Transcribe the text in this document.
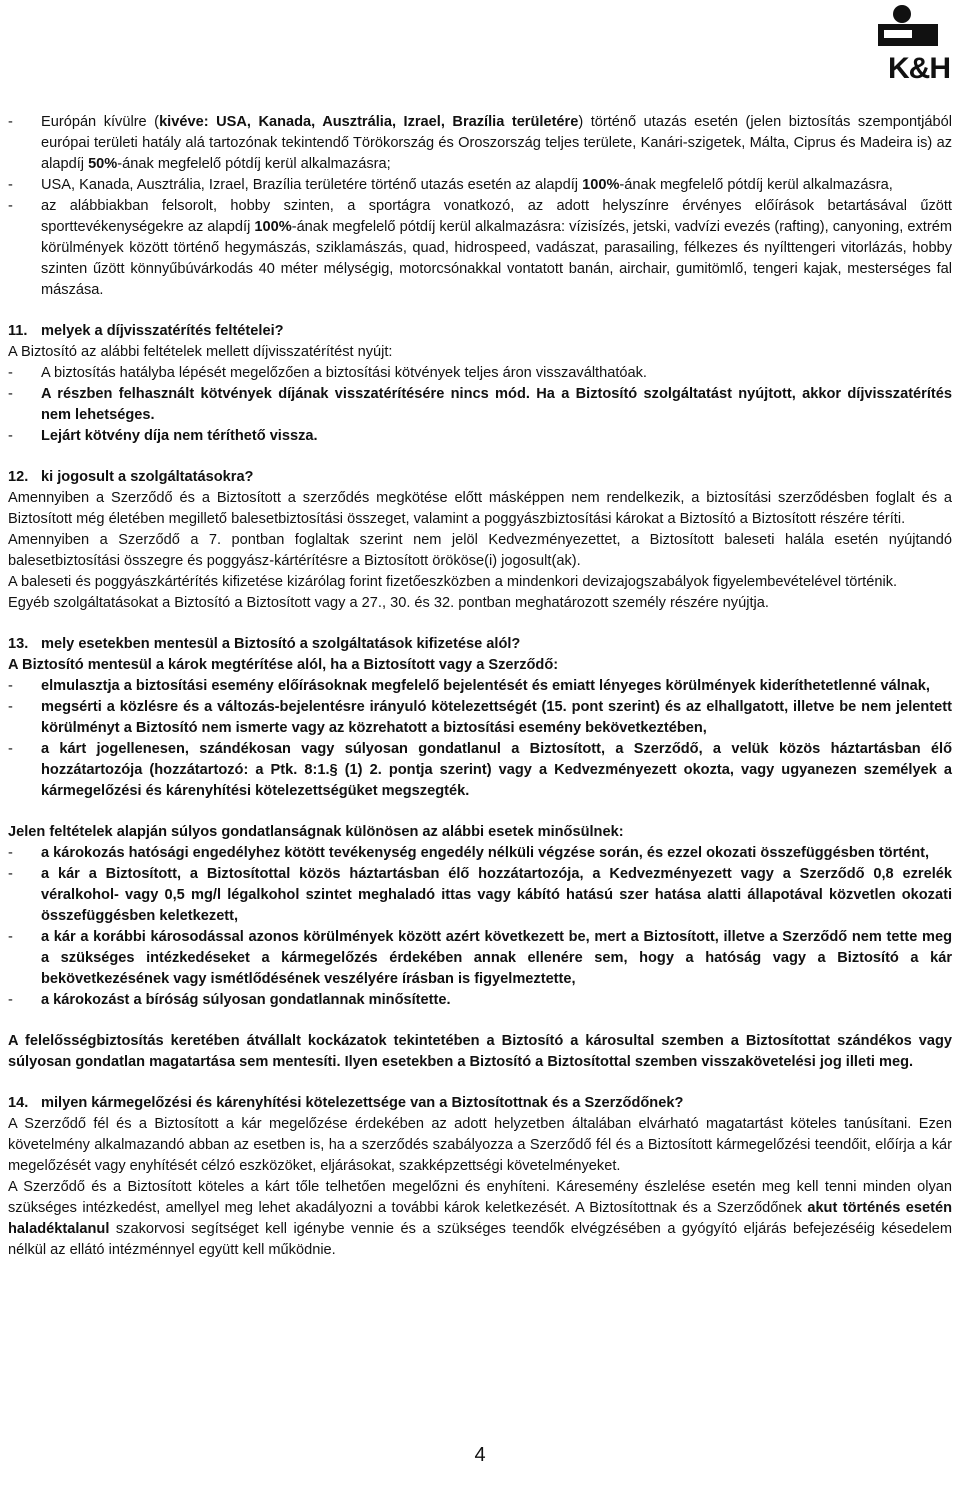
K&H
-	Európán kívülre (kivéve: USA, Kanada, Ausztrália, Izrael, Brazília területére) történő utazás esetén (jelen biztosítás szempontjából európai területi hatály alá tartozónak tekintendő Törökország és Oroszország teljes területe, Kanári-szigetek, Málta, Ciprus és Madeira is) az alapdíj 50%-ának megfelelő pótdíj kerül alkalmazásra;
-	USA, Kanada, Ausztrália, Izrael, Brazília területére történő utazás esetén az alapdíj 100%-ának megfelelő pótdíj kerül alkalmazásra,
-	az alábbiakban felsorolt, hobby szinten, a sportágra vonatkozó, az adott helyszínre érvényes előírások betartásával űzött sporttevékenységekre az alapdíj 100%-ának megfelelő pótdíj kerül alkalmazásra: vízisízés, jetski, vadvízi evezés (rafting), canyoning, extrém körülmények között történő hegymászás, sziklamászás, quad, hidrospeed, vadászat, parasailing, félkezes és nyílttengeri vitorlázás, hobby szinten űzött könnyűbúvárkodás 40 méter mélységig, motorcsónakkal vontatott banán, airchair, gumitömlő, tengeri kajak, mesterséges fal mászása.
11. melyek a díjvisszatérítés feltételei?
A Biztosító az alábbi feltételek mellett díjvisszatérítést nyújt:
-	A biztosítás hatályba lépését megelőzően a biztosítási kötvények teljes áron visszaválthatóak.
-	A részben felhasznált kötvények díjának visszatérítésére nincs mód. Ha a Biztosító szolgáltatást nyújtott, akkor díjvisszatérítés nem lehetséges.
-	Lejárt kötvény díja nem téríthető vissza.
12. ki jogosult a szolgáltatásokra?
Amennyiben a Szerződő és a Biztosított a szerződés megkötése előtt másképpen nem rendelkezik, a biztosítási szerződésben foglalt és a Biztosított még életében megillető balesetbiztosítási összeget, valamint a poggyászbiztosítási károkat a Biztosító a Biztosított részére téríti.
Amennyiben a Szerződő a 7. pontban foglaltak szerint nem jelöl Kedvezményezettet, a Biztosított baleseti halála esetén nyújtandó balesetbiztosítási összegre és poggyász-kártérítésre a Biztosított örököse(i) jogosult(ak).
A baleseti és poggyászkártérítés kifizetése kizárólag forint fizetőeszközben a mindenkori devizajogszabályok figyelembevételével történik.
Egyéb szolgáltatásokat a Biztosító a Biztosított vagy a 27., 30. és 32. pontban meghatározott személy részére nyújtja.
13. mely esetekben mentesül a Biztosító a szolgáltatások kifizetése alól?
A Biztosító mentesül a károk megtérítése alól, ha a Biztosított vagy a Szerződő:
-	elmulasztja a biztosítási esemény előírásoknak megfelelő bejelentését és emiatt lényeges körülmények kideríthetetlenné válnak,
-	megsérti a közlésre és a változás-bejelentésre irányuló kötelezettségét (15. pont szerint) és az elhallgatott, illetve be nem jelentett körülményt a Biztosító nem ismerte vagy az közrehatott a biztosítási esemény bekövetkeztében,
-	a kárt jogellenesen, szándékosan vagy súlyosan gondatlanul a Biztosított, a Szerződő, a velük közös háztartásban élő hozzátartozója (hozzátartozó: a Ptk. 8:1.§ (1) 2. pontja szerint) vagy a Kedvezményezett okozta, vagy ugyanezen személyek a kármegelőzési és kárenyhítési kötelezettségüket megszegték.
Jelen feltételek alapján súlyos gondatlanságnak különösen az alábbi esetek minősülnek:
-	a károkozás hatósági engedélyhez kötött tevékenység engedély nélküli végzése során, és ezzel okozati összefüggésben történt,
-	a kár a Biztosított, a Biztosítottal közös háztartásban élő hozzátartozója, a Kedvezményezett vagy a Szerződő 0,8 ezrelék véralkohol- vagy 0,5 mg/l légalkohol szintet meghaladó ittas vagy kábító hatású szer hatása alatti állapotával közvetlen okozati összefüggésben keletkezett,
-	a kár a korábbi károsodással azonos körülmények között azért következett be, mert a Biztosított, illetve a Szerződő nem tette meg a szükséges intézkedéseket a kármegelőzés érdekében annak ellenére sem, hogy a hatóság vagy a Biztosító a kár bekövetkezésének vagy ismétlődésének veszélyére írásban is figyelmeztette,
-	a károkozást a bíróság súlyosan gondatlannak minősítette.
A felelősségbiztosítás keretében átvállalt kockázatok tekintetében a Biztosító a károsultal szemben a Biztosítottat szándékos vagy súlyosan gondatlan magatartása sem mentesíti. Ilyen esetekben a Biztosító a Biztosítottal szemben visszakövetelési jog illeti meg.
14. milyen kármegelőzési és kárenyhítési kötelezettsége van a Biztosítottnak és a Szerződőnek?
A Szerződő fél és a Biztosított a kár megelőzése érdekében az adott helyzetben általában elvárható magatartást köteles tanúsítani. Ezen követelmény alkalmazandó abban az esetben is, ha a szerződés szabályozza a Szerződő fél és a Biztosított kármegelőzési teendőit, előírja a kár megelőzését vagy enyhítését célzó eszközöket, eljárásokat, szakképzettségi követelményeket.
A Szerződő és a Biztosított köteles a kárt tőle telhetően megelőzni és enyhíteni. Káresemény észlelése esetén meg kell tenni minden olyan szükséges intézkedést, amellyel meg lehet akadályozni a további károk keletkezését. A Biztosítottnak és a Szerződőnek akut történés esetén haladéktalanul szakorvosi segítséget kell igénybe vennie és a szükséges teendők elvégzésében a gyógyító eljárás befejezéséig késedelem nélkül az ellátó intézménnyel együtt kell működnie.
4
